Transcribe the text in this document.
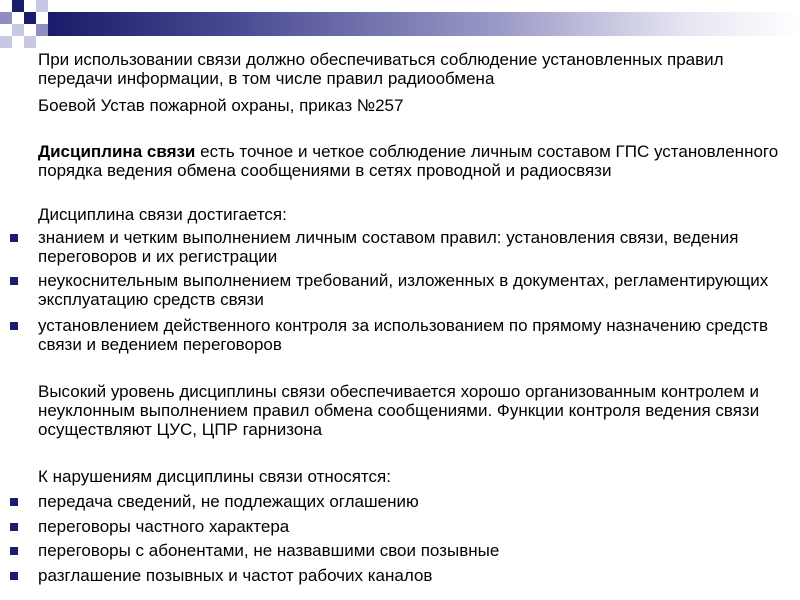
При использовании связи должно обеспечиваться соблюдение установленных правил передачи информации, в том числе правил радиообмена
Боевой Устав пожарной охраны, приказ №257
Дисциплина связи есть точное и четкое соблюдение личным составом ГПС установленного порядка ведения обмена сообщениями в сетях проводной и радиосвязи
Дисциплина связи достигается:
знанием и четким выполнением личным составом правил: установления связи, ведения переговоров и их регистрации
неукоснительным выполнением требований, изложенных в документах, регламентирующих эксплуатацию средств связи
установлением действенного контроля за использованием по прямому назначению средств связи и ведением переговоров
Высокий уровень дисциплины связи обеспечивается хорошо организованным контролем и неуклонным выполнением правил обмена сообщениями. Функции контроля ведения связи осуществляют ЦУС, ЦПР гарнизона
К нарушениям дисциплины связи относятся:
передача сведений, не подлежащих оглашению
переговоры частного характера
переговоры с абонентами, не назвавшими свои позывные
разглашение позывных и частот рабочих каналов
